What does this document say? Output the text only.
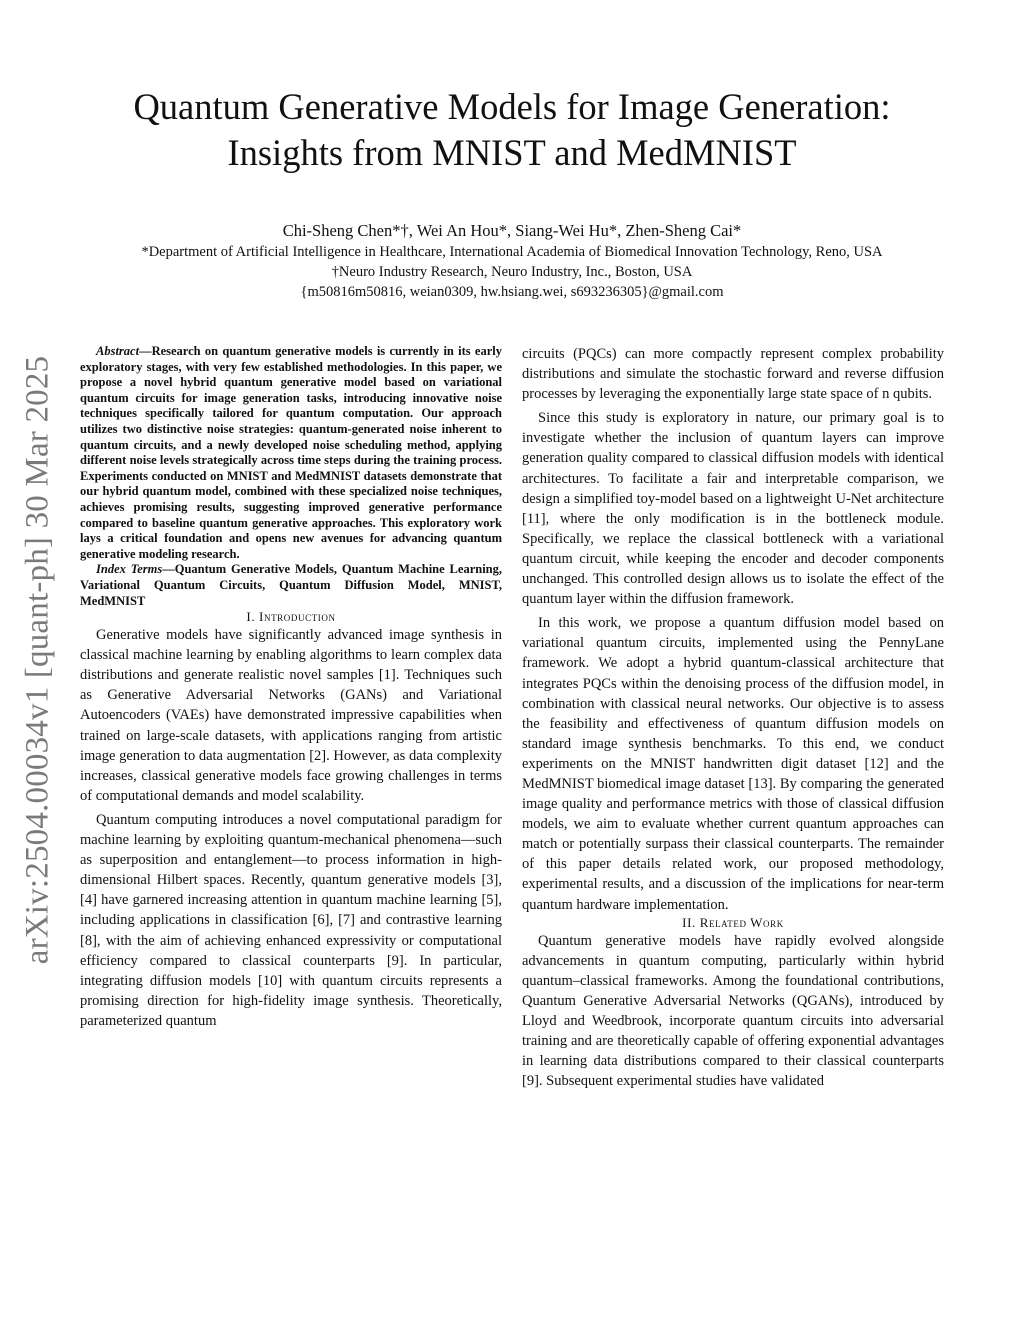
arXiv:2504.00034v1 [quant-ph] 30 Mar 2025
Quantum Generative Models for Image Generation:
Insights from MNIST and MedMNIST
Chi-Sheng Chen*†, Wei An Hou*, Siang-Wei Hu*, Zhen-Sheng Cai*
*Department of Artificial Intelligence in Healthcare, International Academia of Biomedical Innovation Technology, Reno, USA
†Neuro Industry Research, Neuro Industry, Inc., Boston, USA
{m50816m50816, weian0309, hw.hsiang.wei, s693236305}@gmail.com

Abstract—Research on quantum generative models is currently in its early exploratory stages, with very few established methodologies. In this paper, we propose a novel hybrid quantum generative model based on variational quantum circuits for image generation tasks, introducing innovative noise techniques specifically tailored for quantum computation. Our approach utilizes two distinctive noise strategies: quantum-generated noise inherent to quantum circuits, and a newly developed noise scheduling method, applying different noise levels strategically across time steps during the training process. Experiments conducted on MNIST and MedMNIST datasets demonstrate that our hybrid quantum model, combined with these specialized noise techniques, achieves promising results, suggesting improved generative performance compared to baseline quantum generative approaches. This exploratory work lays a critical foundation and opens new avenues for advancing quantum generative modeling research.

Index Terms—Quantum Generative Models, Quantum Machine Learning, Variational Quantum Circuits, Quantum Diffusion Model, MNIST, MedMNIST

I. Introduction

Generative models have significantly advanced image synthesis in classical machine learning by enabling algorithms to learn complex data distributions and generate realistic novel samples [1]. Techniques such as Generative Adversarial Networks (GANs) and Variational Autoencoders (VAEs) have demonstrated impressive capabilities when trained on large-scale datasets, with applications ranging from artistic image generation to data augmentation [2]. However, as data complexity increases, classical generative models face growing challenges in terms of computational demands and model scalability.

Quantum computing introduces a novel computational paradigm for machine learning by exploiting quantum-mechanical phenomena—such as superposition and entanglement—to process information in high-dimensional Hilbert spaces. Recently, quantum generative models [3], [4] have garnered increasing attention in quantum machine learning [5], including applications in classification [6], [7] and contrastive learning [8], with the aim of achieving enhanced expressivity or computational efficiency compared to classical counterparts [9]. In particular, integrating diffusion models [10] with quantum circuits represents a promising direction for high-fidelity image synthesis. Theoretically, parameterized quantum

circuits (PQCs) can more compactly represent complex probability distributions and simulate the stochastic forward and reverse diffusion processes by leveraging the exponentially large state space of n qubits.

Since this study is exploratory in nature, our primary goal is to investigate whether the inclusion of quantum layers can improve generation quality compared to classical diffusion models with identical architectures. To facilitate a fair and interpretable comparison, we design a simplified toy-model based on a lightweight U-Net architecture [11], where the only modification is in the bottleneck module. Specifically, we replace the classical bottleneck with a variational quantum circuit, while keeping the encoder and decoder components unchanged. This controlled design allows us to isolate the effect of the quantum layer within the diffusion framework.

In this work, we propose a quantum diffusion model based on variational quantum circuits, implemented using the PennyLane framework. We adopt a hybrid quantum-classical architecture that integrates PQCs within the denoising process of the diffusion model, in combination with classical neural networks. Our objective is to assess the feasibility and effectiveness of quantum diffusion models on standard image synthesis benchmarks. To this end, we conduct experiments on the MNIST handwritten digit dataset [12] and the MedMNIST biomedical image dataset [13]. By comparing the generated image quality and performance metrics with those of classical diffusion models, we aim to evaluate whether current quantum approaches can match or potentially surpass their classical counterparts. The remainder of this paper details related work, our proposed methodology, experimental results, and a discussion of the implications for near-term quantum hardware implementation.

II. Related Work

Quantum generative models have rapidly evolved alongside advancements in quantum computing, particularly within hybrid quantum–classical frameworks. Among the foundational contributions, Quantum Generative Adversarial Networks (QGANs), introduced by Lloyd and Weedbrook, incorporate quantum circuits into adversarial training and are theoretically capable of offering exponential advantages in learning data distributions compared to their classical counterparts [9]. Subsequent experimental studies have validated
